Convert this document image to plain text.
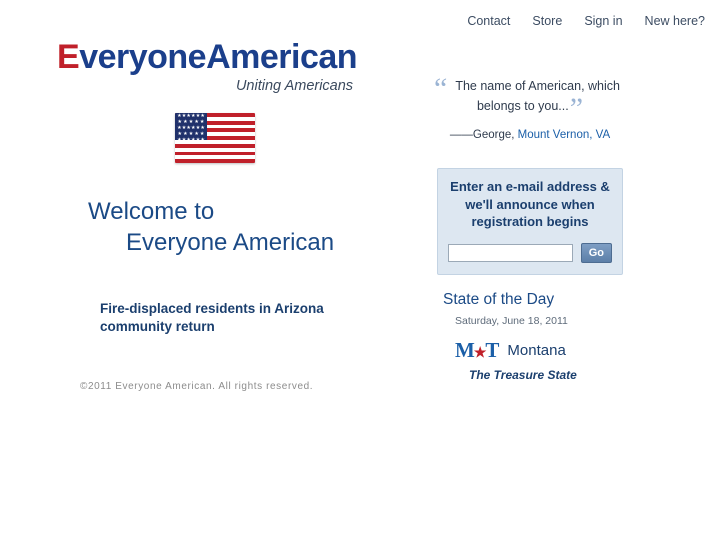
Contact Store Sign in New here?
EveryoneAmerican
Uniting Americans
★ ★ ★ ★ ★ ★
★ ★ ★ ★ ★
★ ★ ★ ★ ★ ★
★ ★ ★ ★ ★
★ ★ ★ ★ ★ ★
Welcome to
Everyone American
Fire-displaced residents in Arizona community return
©2011 Everyone American. All rights reserved.
“ The name of American, which belongs to you...”
——George, Mount Vernon, VA
Enter an e-mail address & we'll announce when registration begins
Go
State of the Day
Saturday, June 18, 2011
M★T Montana
The Treasure State
